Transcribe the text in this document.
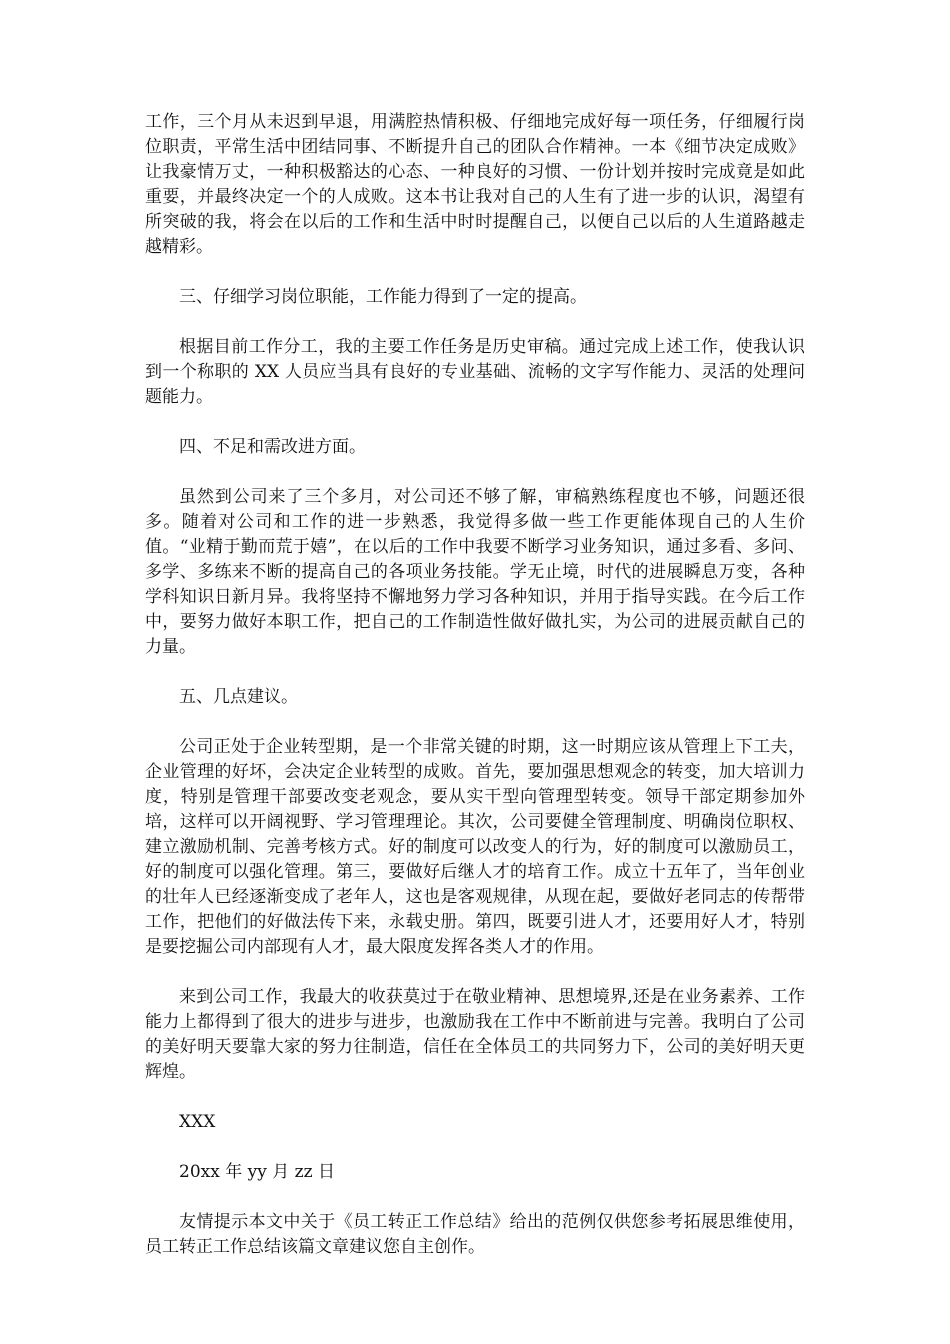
工作，三个月从未迟到早退，用满腔热情积极、仔细地完成好每一项任务，仔细履行岗位职责，平常生活中团结同事、不断提升自己的团队合作精神。一本《细节决定成败》让我豪情万丈，一种积极豁达的心态、一种良好的习惯、一份计划并按时完成竟是如此重要，并最终决定一个的人成败。这本书让我对自己的人生有了进一步的认识，渴望有所突破的我，将会在以后的工作和生活中时时提醒自己，以便自己以后的人生道路越走越精彩。

三、仔细学习岗位职能，工作能力得到了一定的提高。

根据目前工作分工，我的主要工作任务是历史审稿。通过完成上述工作，使我认识到一个称职的 XX 人员应当具有良好的专业基础、流畅的文字写作能力、灵活的处理问题能力。

四、不足和需改进方面。

虽然到公司来了三个多月，对公司还不够了解，审稿熟练程度也不够，问题还很多。随着对公司和工作的进一步熟悉，我觉得多做一些工作更能体现自己的人生价值。“业精于勤而荒于嬉”，在以后的工作中我要不断学习业务知识，通过多看、多问、多学、多练来不断的提高自己的各项业务技能。学无止境，时代的进展瞬息万变，各种学科知识日新月异。我将坚持不懈地努力学习各种知识，并用于指导实践。在今后工作中，要努力做好本职工作，把自己的工作制造性做好做扎实，为公司的进展贡献自己的力量。

五、几点建议。

公司正处于企业转型期，是一个非常关键的时期，这一时期应该从管理上下工夫，企业管理的好坏，会决定企业转型的成败。首先，要加强思想观念的转变，加大培训力度，特别是管理干部要改变老观念，要从实干型向管理型转变。领导干部定期参加外培，这样可以开阔视野、学习管理理论。其次，公司要健全管理制度、明确岗位职权、建立激励机制、完善考核方式。好的制度可以改变人的行为，好的制度可以激励员工，好的制度可以强化管理。第三，要做好后继人才的培育工作。成立十五年了，当年创业的壮年人已经逐渐变成了老年人，这也是客观规律，从现在起，要做好老同志的传帮带工作，把他们的好做法传下来，永载史册。第四，既要引进人才，还要用好人才，特别是要挖掘公司内部现有人才，最大限度发挥各类人才的作用。

来到公司工作，我最大的收获莫过于在敬业精神、思想境界,还是在业务素养、工作能力上都得到了很大的进步与进步，也激励我在工作中不断前进与完善。我明白了公司的美好明天要靠大家的努力往制造，信任在全体员工的共同努力下，公司的美好明天更辉煌。

XXX

20xx 年 yy 月 zz 日

友情提示本文中关于《员工转正工作总结》给出的范例仅供您参考拓展思维使用，员工转正工作总结该篇文章建议您自主创作。
